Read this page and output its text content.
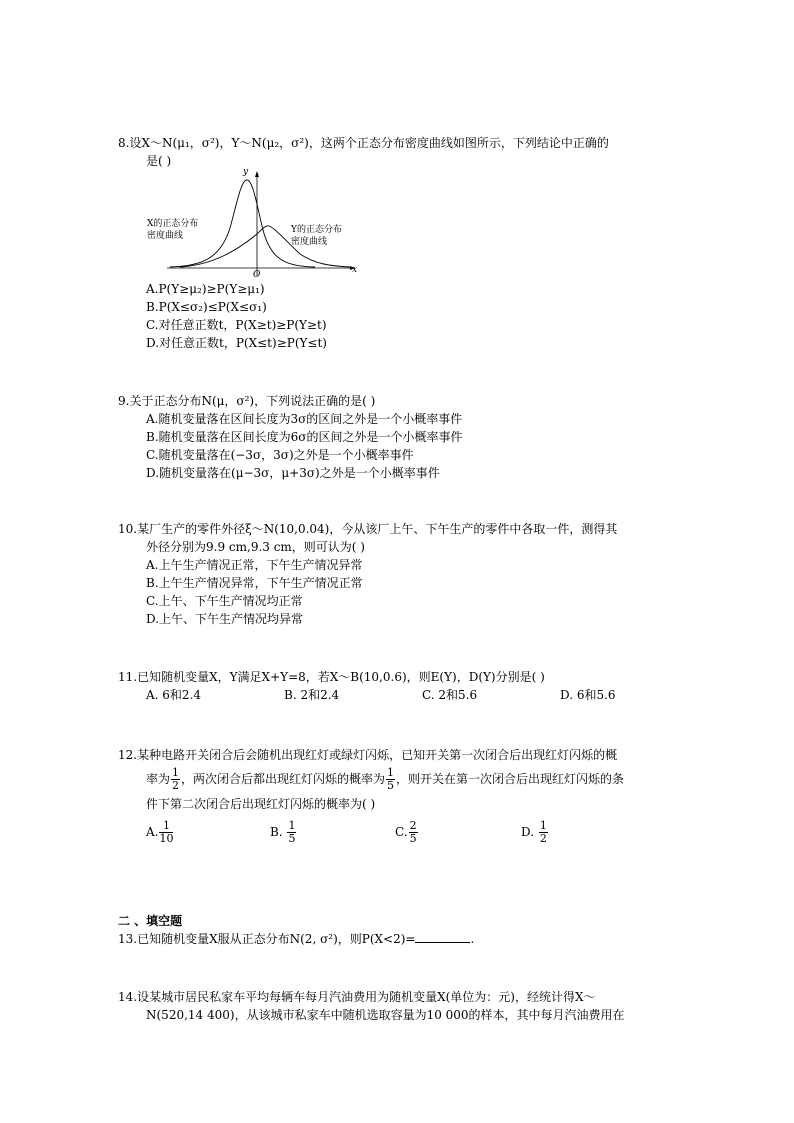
8.设X～N(μ₁，σ²)，Y～N(μ₂，σ²)，这两个正态分布密度曲线如图所示，下列结论中正确的
是( )
y
x
O
X的正态分布
密度曲线
Y的正态分布
密度曲线
A.P(Y≥μ₂)≥P(Y≥μ₁)
B.P(X≤σ₂)≤P(X≤σ₁)
C.对任意正数t，P(X≥t)≥P(Y≥t)
D.对任意正数t，P(X≤t)≥P(Y≤t)
9.关于正态分布N(μ，σ²)，下列说法正确的是( )
A.随机变量落在区间长度为3σ的区间之外是一个小概率事件
B.随机变量落在区间长度为6σ的区间之外是一个小概率事件
C.随机变量落在(−3σ，3σ)之外是一个小概率事件
D.随机变量落在(μ−3σ，μ+3σ)之外是一个小概率事件
10.某厂生产的零件外径ξ～N(10,0.04)，今从该厂上午、下午生产的零件中各取一件，测得其
外径分别为9.9 cm,9.3 cm，则可认为( )
A.上午生产情况正常，下午生产情况异常
B.上午生产情况异常，下午生产情况正常
C.上午、下午生产情况均正常
D.上午、下午生产情况均异常
11.已知随机变量X，Y满足X+Y=8，若X～B(10,0.6)，则E(Y)，D(Y)分别是( )
A. 6和2.4	B. 2和2.4	C. 2和5.6	D. 6和5.6
12.某种电路开关闭合后会随机出现红灯或绿灯闪烁，已知开关第一次闭合后出现红灯闪烁的概
率为 $\frac{1}{2}$ ，两次闭合后都出现红灯闪烁的概率为 $\frac{1}{5}$ ，则开关在第一次闭合后出现红灯闪烁的条
件下第二次闭合后出现红灯闪烁的概率为( )
A. $\frac{1}{10}$	B. $\frac{1}{5}$	C. $\frac{2}{5}$	D. $\frac{1}{2}$
二 、填空题
13.已知随机变量X服从正态分布N(2, σ²)，则P(X<2)=	.
14.设某城市居民私家车平均每辆车每月汽油费用为随机变量X(单位为：元)，经统计得X～
N(520,14 400)，从该城市私家车中随机选取容量为10 000的样本，其中每月汽油费用在
